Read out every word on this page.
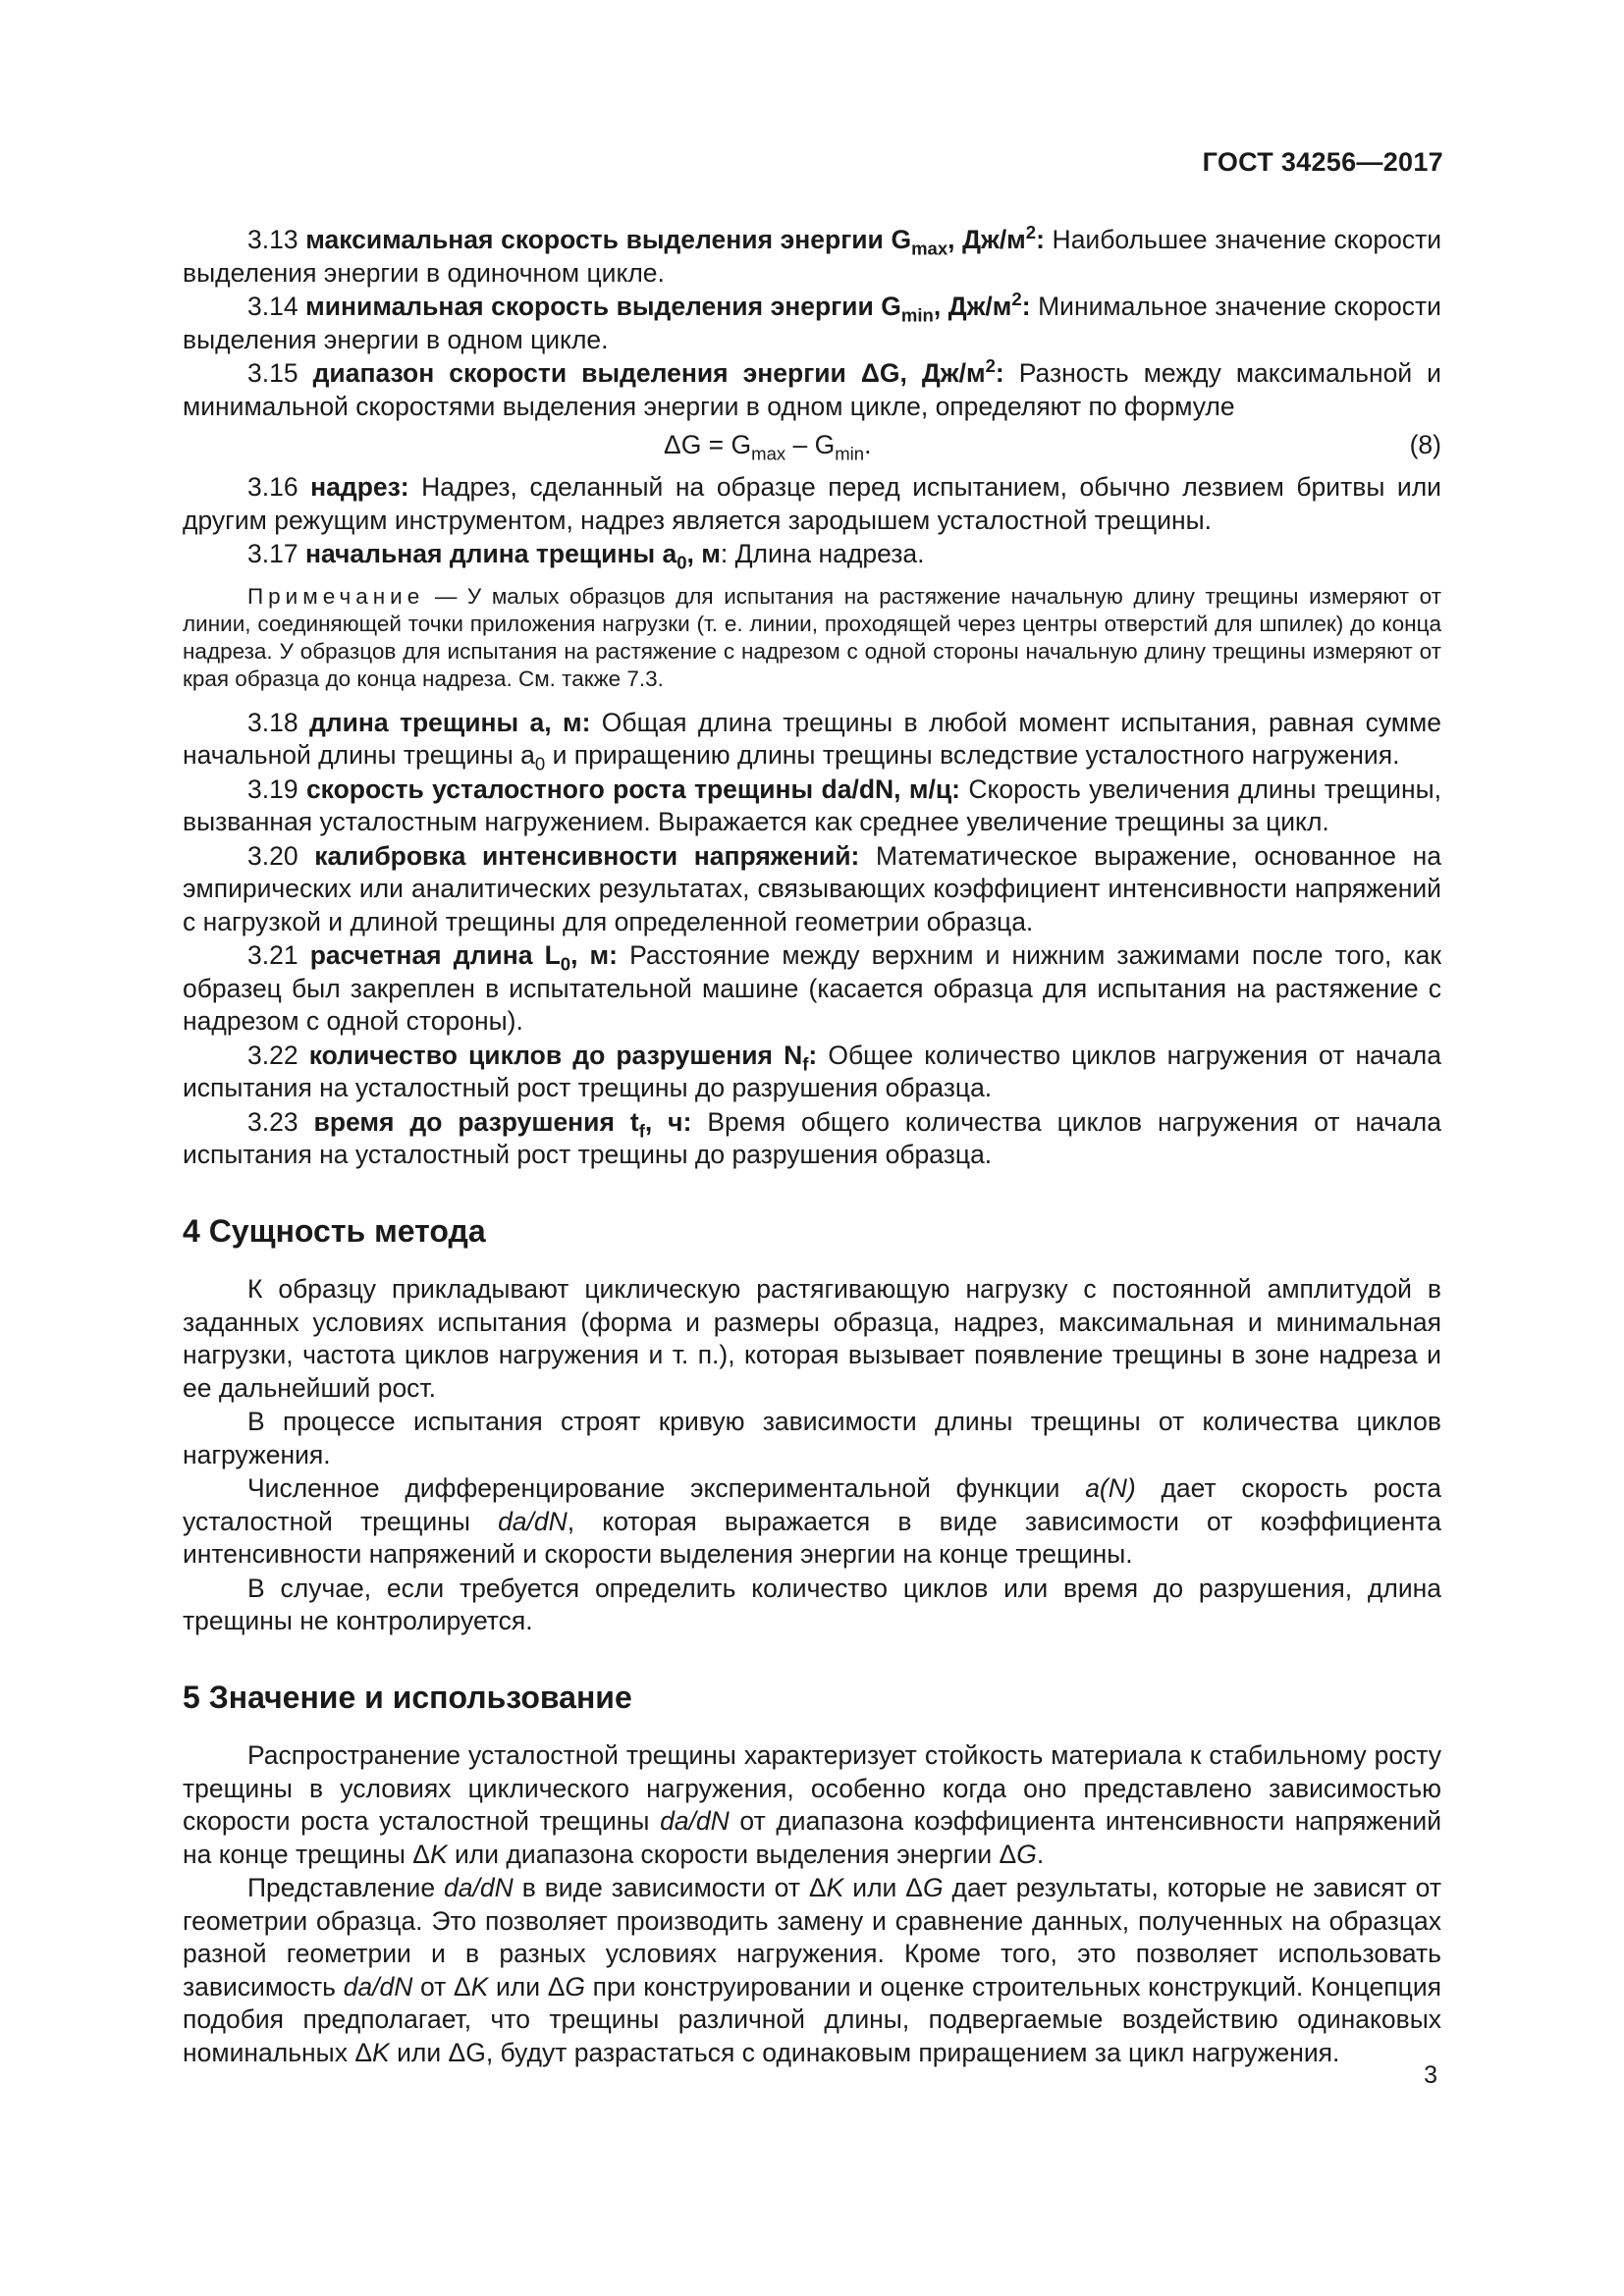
ГОСТ 34256—2017

3.13 максимальная скорость выделения энергии $G_{max}$, $Дж/м^2$: Наибольшее значение скорости выделения энергии в одиночном цикле.

3.14 минимальная скорость выделения энергии $G_{min}$, $Дж/м^2$: Минимальное значение скорости выделения энергии в одном цикле.

3.15 диапазон скорости выделения энергии ΔG, $Дж/м^2$: Разность между максимальной и минимальной скоростями выделения энергии в одном цикле, определяют по формуле

$\Delta G = G_{max} - G_{min}$.	(8)

3.16 надрез: Надрез, сделанный на образце перед испытанием, обычно лезвием бритвы или другим режущим инструментом, надрез является зародышем усталостной трещины.

3.17 начальная длина трещины $a_0$, м: Длина надреза.

Примечание — У малых образцов для испытания на растяжение начальную длину трещины измеряют от линии, соединяющей точки приложения нагрузки (т. е. линии, проходящей через центры отверстий для шпилек) до конца надреза. У образцов для испытания на растяжение с надрезом с одной стороны начальную длину трещины измеряют от края образца до конца надреза. См. также 7.3.

3.18 длина трещины a, м: Общая длина трещины в любой момент испытания, равная сумме начальной длины трещины $a_0$ и приращению длины трещины вследствие усталостного нагружения.

3.19 скорость усталостного роста трещины da/dN, м/ц: Скорость увеличения длины трещины, вызванная усталостным нагружением. Выражается как среднее увеличение трещины за цикл.

3.20 калибровка интенсивности напряжений: Математическое выражение, основанное на эмпирических или аналитических результатах, связывающих коэффициент интенсивности напряжений с нагрузкой и длиной трещины для определенной геометрии образца.

3.21 расчетная длина $L_0$, м: Расстояние между верхним и нижним зажимами после того, как образец был закреплен в испытательной машине (касается образца для испытания на растяжение с надрезом с одной стороны).

3.22 количество циклов до разрушения $N_f$: Общее количество циклов нагружения от начала испытания на усталостный рост трещины до разрушения образца.

3.23 время до разрушения $t_f$, ч: Время общего количества циклов нагружения от начала испытания на усталостный рост трещины до разрушения образца.

4 Сущность метода

К образцу прикладывают циклическую растягивающую нагрузку с постоянной амплитудой в заданных условиях испытания (форма и размеры образца, надрез, максимальная и минимальная нагрузки, частота циклов нагружения и т. п.), которая вызывает появление трещины в зоне надреза и ее дальнейший рост.

В процессе испытания строят кривую зависимости длины трещины от количества циклов нагружения.

Численное дифференцирование экспериментальной функции a(N) дает скорость роста усталостной трещины da/dN, которая выражается в виде зависимости от коэффициента интенсивности напряжений и скорости выделения энергии на конце трещины.

В случае, если требуется определить количество циклов или время до разрушения, длина трещины не контролируется.

5 Значение и использование

Распространение усталостной трещины характеризует стойкость материала к стабильному росту трещины в условиях циклического нагружения, особенно когда оно представлено зависимостью скорости роста усталостной трещины da/dN от диапазона коэффициента интенсивности напряжений на конце трещины ΔK или диапазона скорости выделения энергии ΔG.

Представление da/dN в виде зависимости от ΔK или ΔG дает результаты, которые не зависят от геометрии образца. Это позволяет производить замену и сравнение данных, полученных на образцах разной геометрии и в разных условиях нагружения. Кроме того, это позволяет использовать зависимость da/dN от ΔK или ΔG при конструировании и оценке строительных конструкций. Концепция подобия предполагает, что трещины различной длины, подвергаемые воздействию одинаковых номинальных ΔK или ΔG, будут разрастаться с одинаковым приращением за цикл нагружения.

3
